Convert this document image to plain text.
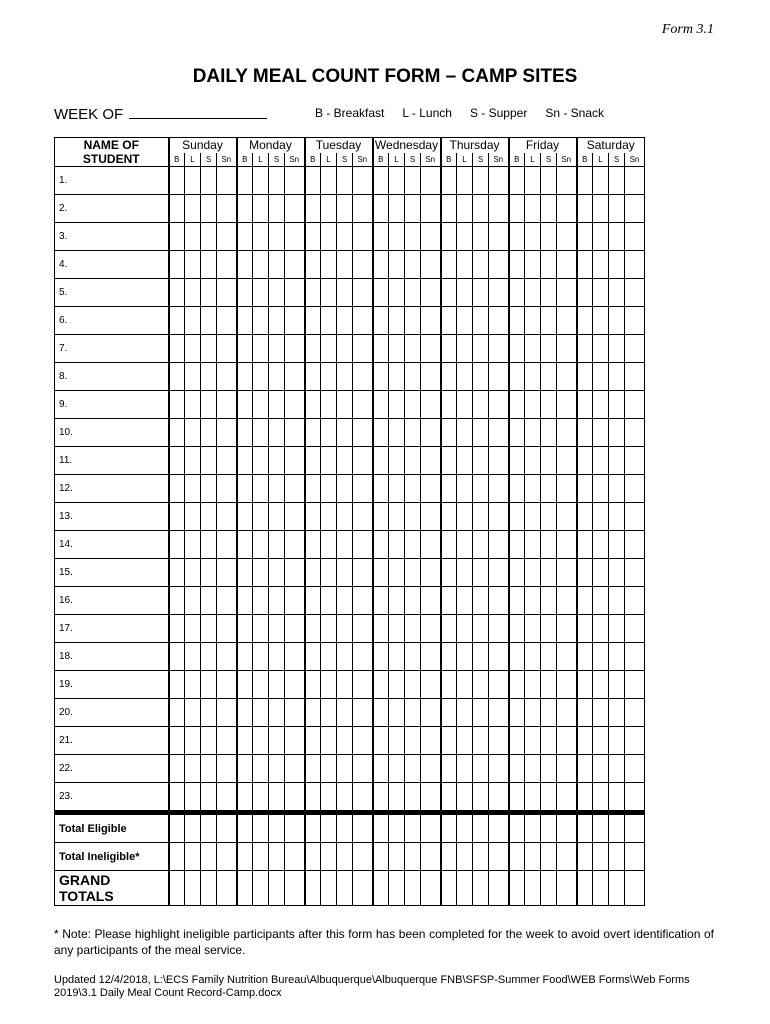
Form 3.1
DAILY MEAL COUNT FORM – CAMP SITES
WEEK OF	B - Breakfast L - Lunch S - Supper Sn - Snack
NAME OF
STUDENT	Sunday				Monday				Tuesday				Wednesday				Thursday				Friday				Saturday			
	B	L	S	Sn	B	L	S	Sn	B	L	S	Sn	B	L	S	Sn	B	L	S	Sn	B	L	S	Sn	B	L	S	Sn
1.																												
2.																												
3.																												
4.																												
5.																												
6.																												
7.																												
8.																												
9.																												
10.																												
11.																												
12.																												
13.																												
14.																												
15.																												
16.																												
17.																												
18.																												
19.																												
20.																												
21.																												
22.																												
23.																												

Total Eligible																												
Total Ineligible*																												

GRAND
TOTALS																												

* Note: Please highlight ineligible participants after this form has been completed for the week to avoid overt identification of any participants of the meal service.
Updated 12/4/2018, L:\ECS Family Nutrition Bureau\Albuquerque\Albuquerque FNB\SFSP-Summer Food\WEB Forms\Web Forms 2019\3.1 Daily Meal Count Record-Camp.docx
